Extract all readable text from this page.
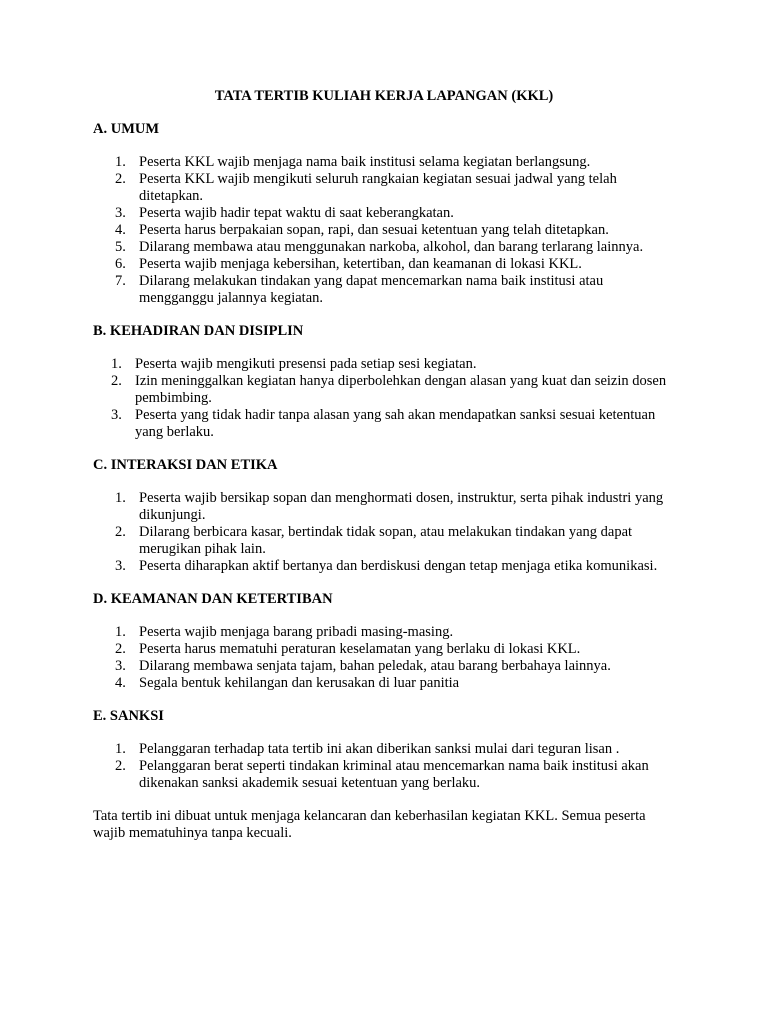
TATA TERTIB KULIAH KERJA LAPANGAN (KKL)

A. UMUM

1. Peserta KKL wajib menjaga nama baik institusi selama kegiatan berlangsung.
2. Peserta KKL wajib mengikuti seluruh rangkaian kegiatan sesuai jadwal yang telah ditetapkan.
3. Peserta wajib hadir tepat waktu di saat keberangkatan.
4. Peserta harus berpakaian sopan, rapi, dan sesuai ketentuan yang telah ditetapkan.
5. Dilarang membawa atau menggunakan narkoba, alkohol, dan barang terlarang lainnya.
6. Peserta wajib menjaga kebersihan, ketertiban, dan keamanan di lokasi KKL.
7. Dilarang melakukan tindakan yang dapat mencemarkan nama baik institusi atau mengganggu jalannya kegiatan.

B. KEHADIRAN DAN DISIPLIN

1. Peserta wajib mengikuti presensi pada setiap sesi kegiatan.
2. Izin meninggalkan kegiatan hanya diperbolehkan dengan alasan yang kuat dan seizin dosen pembimbing.
3. Peserta yang tidak hadir tanpa alasan yang sah akan mendapatkan sanksi sesuai ketentuan yang berlaku.

C. INTERAKSI DAN ETIKA

1. Peserta wajib bersikap sopan dan menghormati dosen, instruktur, serta pihak industri yang dikunjungi.
2. Dilarang berbicara kasar, bertindak tidak sopan, atau melakukan tindakan yang dapat merugikan pihak lain.
3. Peserta diharapkan aktif bertanya dan berdiskusi dengan tetap menjaga etika komunikasi.

D. KEAMANAN DAN KETERTIBAN

1. Peserta wajib menjaga barang pribadi masing-masing.
2. Peserta harus mematuhi peraturan keselamatan yang berlaku di lokasi KKL.
3. Dilarang membawa senjata tajam, bahan peledak, atau barang berbahaya lainnya.
4. Segala bentuk kehilangan dan kerusakan di luar panitia

E. SANKSI

1. Pelanggaran terhadap tata tertib ini akan diberikan sanksi mulai dari teguran lisan .
2. Pelanggaran berat seperti tindakan kriminal atau mencemarkan nama baik institusi akan dikenakan sanksi akademik sesuai ketentuan yang berlaku.

Tata tertib ini dibuat untuk menjaga kelancaran dan keberhasilan kegiatan KKL. Semua peserta wajib mematuhinya tanpa kecuali.
